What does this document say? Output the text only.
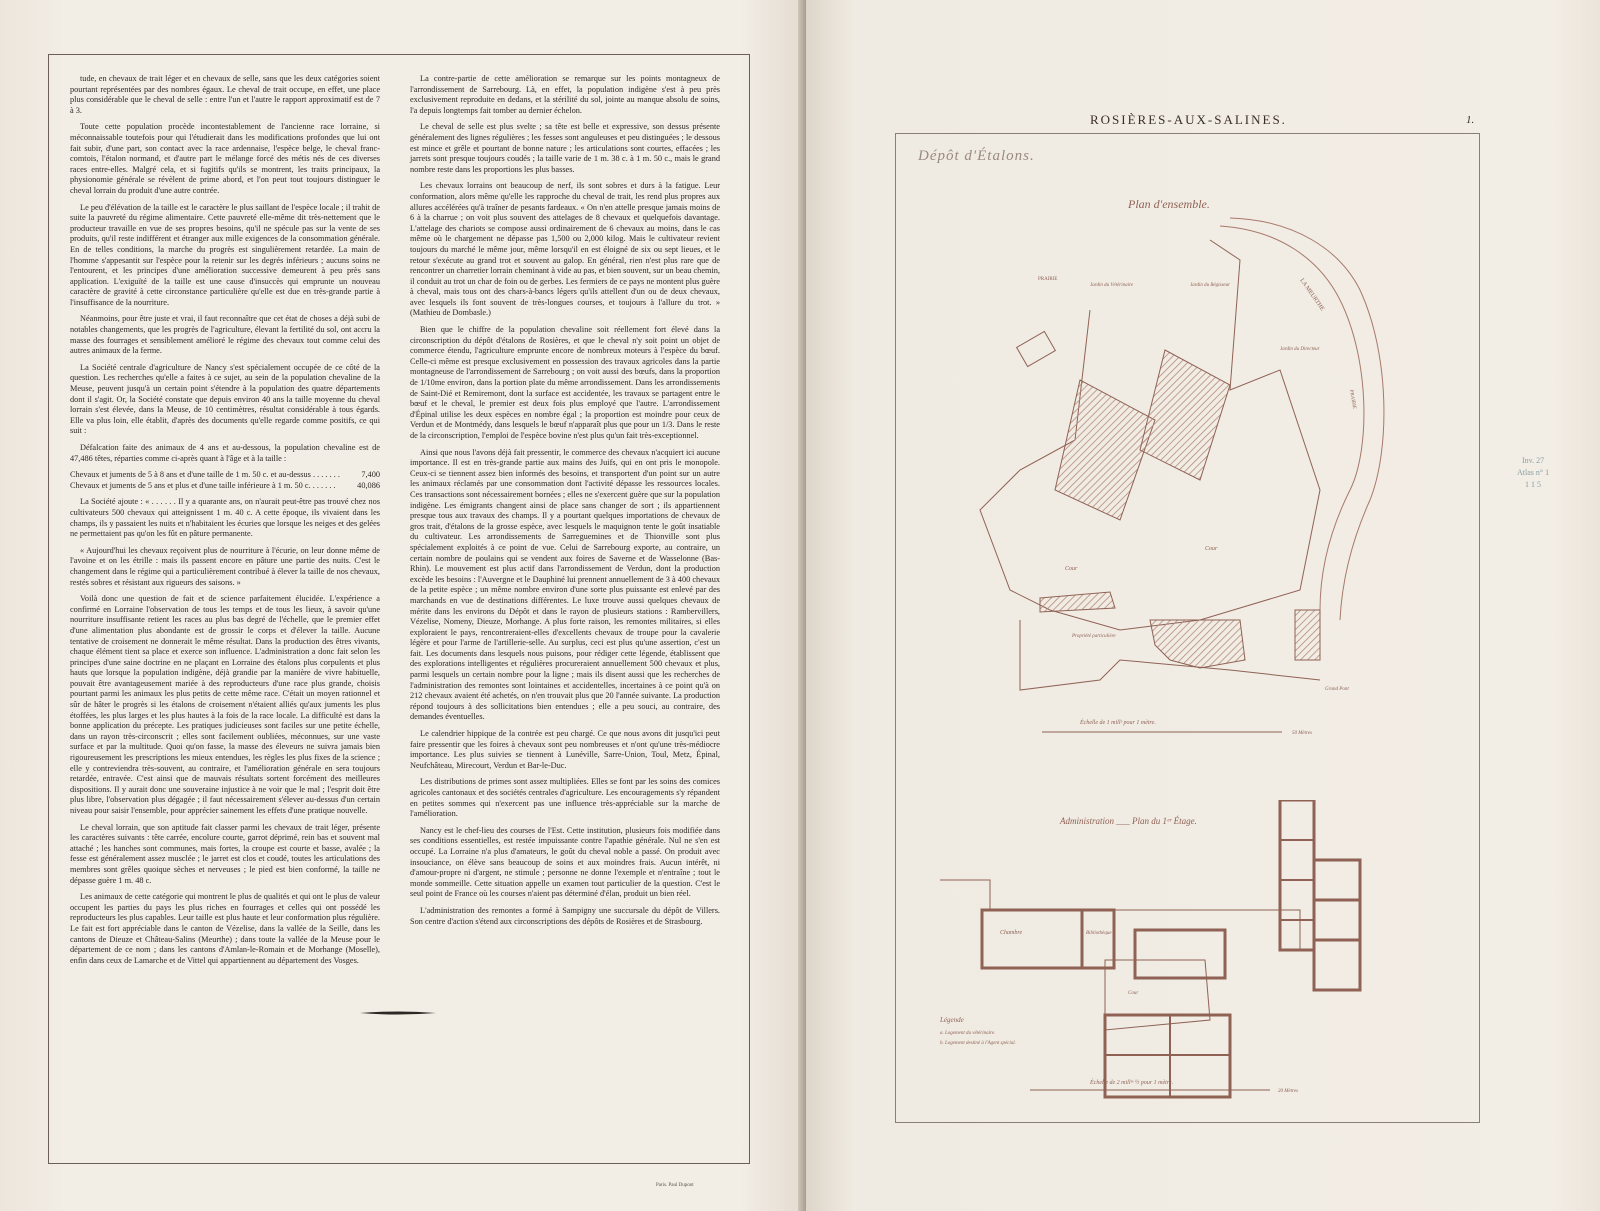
tude, en chevaux de trait léger et en chevaux de selle, sans que les deux catégories soient pourtant représentées par des nombres égaux. Le cheval de trait occupe, en effet, une place plus considérable que le cheval de selle : entre l'un et l'autre le rapport approximatif est de 7 à 3.

Toute cette population procède incontestablement de l'ancienne race lorraine, si méconnaissable toutefois pour qui l'étudierait dans les modifications profondes que lui ont fait subir, d'une part, son contact avec la race ardennaise, l'espèce belge, le cheval franc-comtois, l'étalon normand, et d'autre part le mélange forcé des métis nés de ces diverses races entre-elles. Malgré cela, et si fugitifs qu'ils se montrent, les traits principaux, la physionomie générale se révèlent de prime abord, et l'on peut tout toujours distinguer le cheval lorrain du produit d'une autre contrée.

Le peu d'élévation de la taille est le caractère le plus saillant de l'espèce locale ; il trahit de suite la pauvreté du régime alimentaire. Cette pauvreté elle-même dit très-nettement que le producteur travaille en vue de ses propres besoins, qu'il ne spécule pas sur la vente de ses produits, qu'il reste indifférent et étranger aux mille exigences de la consommation générale. En de telles conditions, la marche du progrès est singulièrement retardée. La main de l'homme s'appesantit sur l'espèce pour la retenir sur les degrés inférieurs ; aucuns soins ne l'entourent, et les principes d'une amélioration successive demeurent à peu près sans application. L'exiguïté de la taille est une cause d'insuccès qui emprunte un nouveau caractère de gravité à cette circonstance particulière qu'elle est due en très-grande partie à l'insuffisance de la nourriture.

Néanmoins, pour être juste et vrai, il faut reconnaître que cet état de choses a déjà subi de notables changements, que les progrès de l'agriculture, élevant la fertilité du sol, ont accru la masse des fourrages et sensiblement amélioré le régime des chevaux tout comme celui des autres animaux de la ferme.

La Société centrale d'agriculture de Nancy s'est spécialement occupée de ce côté de la question. Les recherches qu'elle a faites à ce sujet, au sein de la population chevaline de la Meuse, peuvent jusqu'à un certain point s'étendre à la population des quatre départements dont il s'agit. Or, la Société constate que depuis environ 40 ans la taille moyenne du cheval lorrain s'est élevée, dans la Meuse, de 10 centimètres, résultat considérable à tous égards. Elle va plus loin, elle établit, d'après des documents qu'elle regarde comme positifs, ce qui suit :

Défalcation faite des animaux de 4 ans et au-dessous, la population chevaline est de 47,486 têtes, réparties comme ci-après quant à l'âge et à la taille :

Chevaux et juments de 5 à 8 ans et d'une taille de 1 m. 50 c. et au-dessus . . . . . . .	7,400
Chevaux et juments de 5 ans et plus et d'une taille inférieure à 1 m. 50 c. . . . . . .	40,086

La Société ajoute : « . . . . . . Il y a quarante ans, on n'aurait peut-être pas trouvé chez nos cultivateurs 500 chevaux qui atteignissent 1 m. 40 c. A cette époque, ils vivaient dans les champs, ils y passaient les nuits et n'habitaient les écuries que lorsque les neiges et des gelées ne permettaient pas qu'on les fût en pâture permanente.

« Aujourd'hui les chevaux reçoivent plus de nourriture à l'écurie, on leur donne même de l'avoine et on les étrille : mais ils passent encore en pâture une partie des nuits. C'est le changement dans le régime qui a particulièrement contribué à élever la taille de nos chevaux, restés sobres et résistant aux rigueurs des saisons. »

Voilà donc une question de fait et de science parfaitement élucidée. L'expérience a confirmé en Lorraine l'observation de tous les temps et de tous les lieux, à savoir qu'une nourriture insuffisante retient les races au plus bas degré de l'échelle, que le premier effet d'une alimentation plus abondante est de grossir le corps et d'élever la taille. Aucune tentative de croisement ne donnerait le même résultat. Dans la production des êtres vivants, chaque élément tient sa place et exerce son influence. L'administration a donc fait selon les principes d'une saine doctrine en ne plaçant en Lorraine des étalons plus corpulents et plus hauts que lorsque la population indigène, déjà grandie par la manière de vivre habituelle, pouvait être avantageusement mariée à des reproducteurs d'une race plus grande, choisis pourtant parmi les animaux les plus petits de cette même race. C'était un moyen rationnel et sûr de hâter le progrès si les étalons de croisement n'étaient alliés qu'aux juments les plus étoffées, les plus larges et les plus hautes à la fois de la race locale. La difficulté est dans la bonne application du précepte. Les pratiques judicieuses sont faciles sur une petite échelle, dans un rayon très-circonscrit ; elles sont facilement oubliées, méconnues, sur une vaste surface et par la multitude. Quoi qu'on fasse, la masse des éleveurs ne suivra jamais bien rigoureusement les prescriptions les mieux entendues, les règles les plus fixes de la science ; elle y contreviendra très-souvent, au contraire, et l'amélioration générale en sera toujours retardée, entravée. C'est ainsi que de mauvais résultats sortent forcément des meilleures dispositions. Il y aurait donc une souveraine injustice à ne voir que le mal ; l'esprit doit être plus libre, l'observation plus dégagée ; il faut nécessairement s'élever au-dessus d'un certain niveau pour saisir l'ensemble, pour apprécier sainement les effets d'une pratique nouvelle.

Le cheval lorrain, que son aptitude fait classer parmi les chevaux de trait léger, présente les caractères suivants : tête carrée, encolure courte, garrot déprimé, rein bas et souvent mal attaché ; les hanches sont communes, mais fortes, la croupe est courte et basse, avalée ; la fesse est généralement assez musclée ; le jarret est clos et coudé, toutes les articulations des membres sont grêles quoique sèches et nerveuses ; le pied est bien conformé, la taille ne dépasse guère 1 m. 48 c.

Les animaux de cette catégorie qui montrent le plus de qualités et qui ont le plus de valeur occupent les parties du pays les plus riches en fourrages et celles qui ont possédé les reproducteurs les plus capables. Leur taille est plus haute et leur conformation plus régulière. Le fait est fort appréciable dans le canton de Vézelise, dans la vallée de la Seille, dans les cantons de Dieuze et Château-Salins (Meurthe) ; dans toute la vallée de la Meuse pour le département de ce nom ; dans les cantons d'Amlan-le-Romain et de Morhange (Moselle), enfin dans ceux de Lamarche et de Vittel qui appartiennent au département des Vosges.

La contre-partie de cette amélioration se remarque sur les points montagneux de l'arrondissement de Sarrebourg. Là, en effet, la population indigène s'est à peu près exclusivement reproduite en dedans, et la stérilité du sol, jointe au manque absolu de soins, l'a depuis longtemps fait tomber au dernier échelon.

Le cheval de selle est plus svelte ; sa tête est belle et expressive, son dessus présente généralement des lignes régulières ; les fesses sont anguleuses et peu distinguées ; le dessous est mince et grêle et pourtant de bonne nature ; les articulations sont courtes, effacées ; les jarrets sont presque toujours coudés ; la taille varie de 1 m. 38 c. à 1 m. 50 c., mais le grand nombre reste dans les proportions les plus basses.

Les chevaux lorrains ont beaucoup de nerf, ils sont sobres et durs à la fatigue. Leur conformation, alors même qu'elle les rapproche du cheval de trait, les rend plus propres aux allures accélérées qu'à traîner de pesants fardeaux. « On n'en attelle presque jamais moins de 6 à la charrue ; on voit plus souvent des attelages de 8 chevaux et quelquefois davantage. L'attelage des chariots se compose aussi ordinairement de 6 chevaux au moins, dans le cas même où le chargement ne dépasse pas 1,500 ou 2,000 kilog. Mais le cultivateur revient toujours du marché le même jour, même lorsqu'il en est éloigné de six ou sept lieues, et le retour s'exécute au grand trot et souvent au galop. En général, rien n'est plus rare que de rencontrer un charretier lorrain cheminant à vide au pas, et bien souvent, sur un beau chemin, il conduit au trot un char de foin ou de gerbes. Les fermiers de ce pays ne montent plus guère à cheval, mais tous ont des chars-à-bancs légers qu'ils attellent d'un ou de deux chevaux, avec lesquels ils font souvent de très-longues courses, et toujours à l'allure du trot. » (Mathieu de Dombasle.)

Bien que le chiffre de la population chevaline soit réellement fort élevé dans la circonscription du dépôt d'étalons de Rosières, et que le cheval n'y soit point un objet de commerce étendu, l'agriculture emprunte encore de nombreux moteurs à l'espèce du bœuf. Celle-ci même est presque exclusivement en possession des travaux agricoles dans la partie montagneuse de l'arrondissement de Sarrebourg ; on voit aussi des bœufs, dans la proportion de 1/10me environ, dans la portion plate du même arrondissement. Dans les arrondissements de Saint-Dié et Remiremont, dont la surface est accidentée, les travaux se partagent entre le bœuf et le cheval, le premier est deux fois plus employé que l'autre. L'arrondissement d'Épinal utilise les deux espèces en nombre égal ; la proportion est moindre pour ceux de Verdun et de Montmédy, dans lesquels le bœuf n'apparaît plus que pour un 1/3. Dans le reste de la circonscription, l'emploi de l'espèce bovine n'est plus qu'un fait très-exceptionnel.

Ainsi que nous l'avons déjà fait pressentir, le commerce des chevaux n'acquiert ici aucune importance. Il est en très-grande partie aux mains des Juifs, qui en ont pris le monopole. Ceux-ci se tiennent assez bien informés des besoins, et transportent d'un point sur un autre les animaux réclamés par une consommation dont l'activité dépasse les ressources locales. Ces transactions sont nécessairement bornées ; elles ne s'exercent guère que sur la population indigène. Les émigrants changent ainsi de place sans changer de sort ; ils appartiennent presque tous aux travaux des champs. Il y a pourtant quelques importations de chevaux de gros trait, d'étalons de la grosse espèce, avec lesquels le maquignon tente le goût insatiable du cultivateur. Les arrondissements de Sarreguemines et de Thionville sont plus spécialement exploités à ce point de vue. Celui de Sarrebourg exporte, au contraire, un certain nombre de poulains qui se vendent aux foires de Saverne et de Wasselonne (Bas-Rhin). Le mouvement est plus actif dans l'arrondissement de Verdun, dont la production excède les besoins : l'Auvergne et le Dauphiné lui prennent annuellement de 3 à 400 chevaux de la petite espèce ; un même nombre environ d'une sorte plus puissante est enlevé par des marchands en vue de destinations différentes. Le luxe trouve aussi quelques chevaux de mérite dans les environs du Dépôt et dans le rayon de plusieurs stations : Rambervillers, Vézelise, Nomeny, Dieuze, Morhange. A plus forte raison, les remontes militaires, si elles exploraient le pays, rencontreraient-elles d'excellents chevaux de troupe pour la cavalerie légère et pour l'arme de l'artillerie-selle. Au surplus, ceci est plus qu'une assertion, c'est un fait. Les documents dans lesquels nous puisons, pour rédiger cette légende, établissent que des explorations intelligentes et régulières procureraient annuellement 500 chevaux et plus, parmi lesquels un certain nombre pour la ligne ; mais ils disent aussi que les recherches de l'administration des remontes sont lointaines et accidentelles, incertaines à ce point qu'à on 212 chevaux avaient été achetés, on n'en trouvait plus que 20 l'année suivante. La production répond toujours à des sollicitations bien entendues ; elle a peu souci, au contraire, des demandes éventuelles.

Le calendrier hippique de la contrée est peu chargé. Ce que nous avons dit jusqu'ici peut faire pressentir que les foires à chevaux sont peu nombreuses et n'ont qu'une très-médiocre importance. Les plus suivies se tiennent à Lunéville, Sarre-Union, Toul, Metz, Épinal, Neufchâteau, Mirecourt, Verdun et Bar-le-Duc.

Les distributions de primes sont assez multipliées. Elles se font par les soins des comices agricoles cantonaux et des sociétés centrales d'agriculture. Les encouragements s'y répandent en petites sommes qui n'exercent pas une influence très-appréciable sur la marche de l'amélioration.

Nancy est le chef-lieu des courses de l'Est. Cette institution, plusieurs fois modifiée dans ses conditions essentielles, est restée impuissante contre l'apathie générale. Nul ne s'en est occupé. La Lorraine n'a plus d'amateurs, le goût du cheval noble a passé. On produit avec insouciance, on élève sans beaucoup de soins et aux moindres frais. Aucun intérêt, ni d'amour-propre ni d'argent, ne stimule ; personne ne donne l'exemple et n'entraîne ; tout le monde sommeille. Cette situation appelle un examen tout particulier de la question. C'est le seul point de France où les courses n'aient pas déterminé d'élan, produit un bien réel.

L'administration des remontes a formé à Sampigny une succursale du dépôt de Villers. Son centre d'action s'étend aux circonscriptions des dépôts de Rosières et de Strasbourg.

Paris. Paul Dupont
ROSIÈRES-AUX-SALINES.	1.
Dépôt d'Étalons.
Inv. 27
Atlas n° 1
1 1 5
Plan d'ensemble.
LA MEURTHE
PRAIRIE
PRAIRIE
Jardin du Vétérinaire	Jardin du Régisseur
Jardin du Directeur
Cour
Cour
Propriété particulière
Grand Pont
Échelle de 1 millᵉ pour 1 mètre.
50 Mètres
Administration ___ Plan du 1ᵉʳ Étage.
Chambre	Bibliothèque
Cour
Légende
a. Logement du vétérinaire.
b. Logement destiné à l'Agent spécial.
Échelle de 2 millᵉˢ ½ pour 1 mètre.
20 Mètres
